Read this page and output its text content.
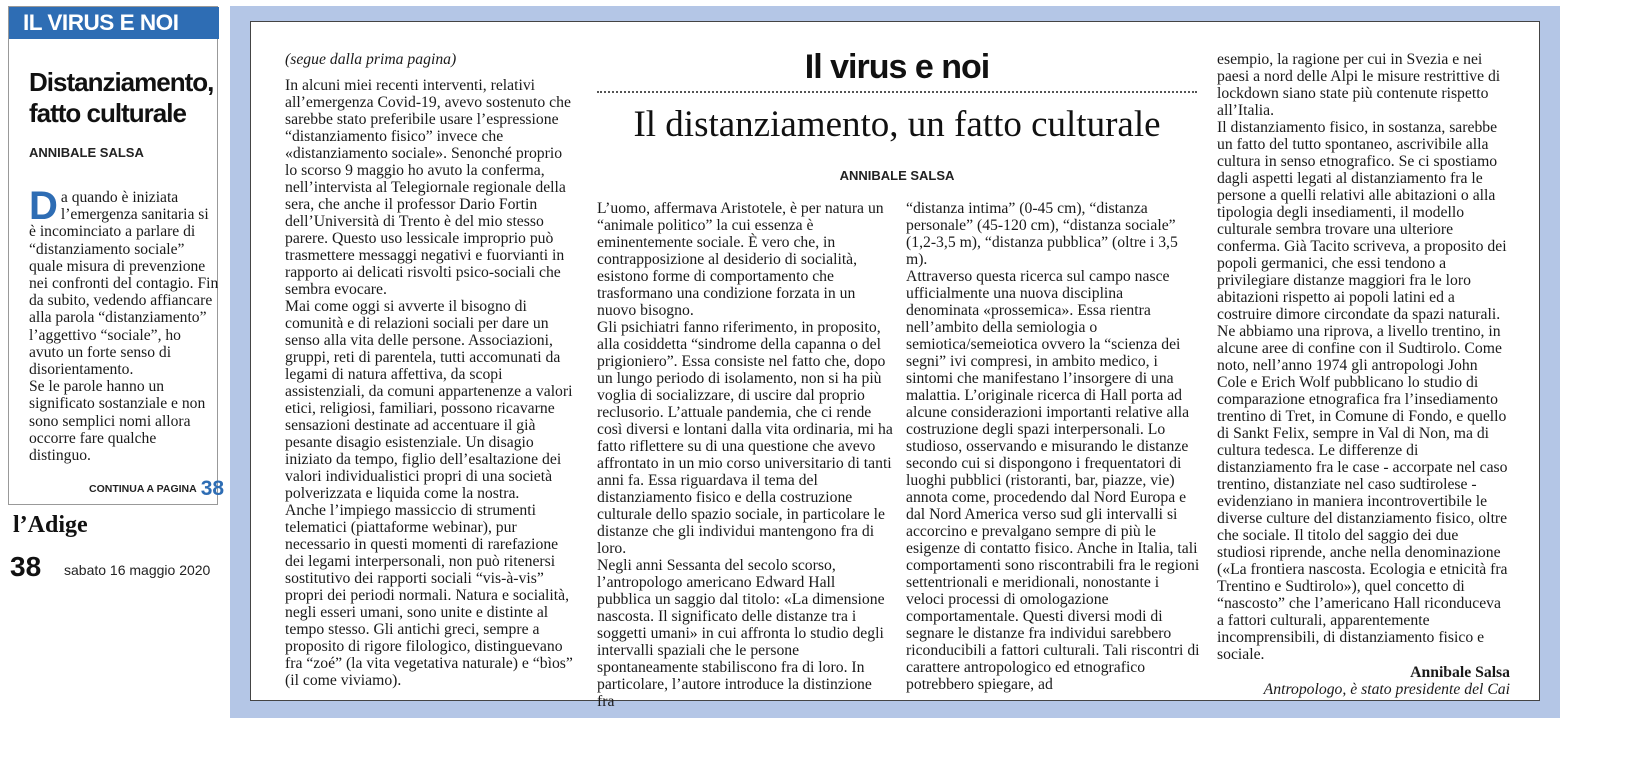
IL VIRUS E NOI
Distanziamento, fatto culturale
ANNIBALE SALSA

Da quando è iniziata l’emergenza sanitaria si è incominciato a parlare di “distanziamento sociale” quale misura di prevenzione nei confronti del contagio. Fin da subito, vedendo affiancare alla parola “distanziamento” l’aggettivo “sociale”, ho avuto un forte senso di disorientamento.

Se le parole hanno un significato sostanziale e non sono semplici nomi allora occorre fare qualche distinguo.

CONTINUA A PAGINA 38
l’Adige
38 sabato 16 maggio 2020

(segue dalla prima pagina)

In alcuni miei recenti interventi, relativi all’emergenza Covid-19, avevo sostenuto che sarebbe stato preferibile usare l’espressione “distanziamento fisico” invece che «distanziamento sociale». Senonché proprio lo scorso 9 maggio ho avuto la conferma, nell’intervista al Telegiornale regionale della sera, che anche il professor Dario Fortin dell’Università di Trento è del mio stesso parere. Questo uso lessicale improprio può trasmettere messaggi negativi e fuorvianti in rapporto ai delicati risvolti psico-sociali che sembra evocare.

Mai come oggi si avverte il bisogno di comunità e di relazioni sociali per dare un senso alla vita delle persone. Associazioni, gruppi, reti di parentela, tutti accomunati da legami di natura affettiva, da scopi assistenziali, da comuni appartenenze a valori etici, religiosi, familiari, possono ricavarne sensazioni destinate ad accentuare il già pesante disagio esistenziale. Un disagio iniziato da tempo, figlio dell’esaltazione dei valori individualistici propri di una società polverizzata e liquida come la nostra.

Anche l’impiego massiccio di strumenti telematici (piattaforme webinar), pur necessario in questi momenti di rarefazione dei legami interpersonali, non può ritenersi sostitutivo dei rapporti sociali “vis-à-vis” propri dei periodi normali. Natura e socialità, negli esseri umani, sono unite e distinte al tempo stesso. Gli antichi greci, sempre a proposito di rigore filologico, distinguevano fra “zoé” (la vita vegetativa naturale) e “bìos” (il come viviamo).

Il virus e noi
Il distanziamento, un fatto culturale
ANNIBALE SALSA

L’uomo, affermava Aristotele, è per natura un “animale politico” la cui essenza è eminentemente sociale. È vero che, in contrapposizione al desiderio di socialità, esistono forme di comportamento che trasformano una condizione forzata in un nuovo bisogno.

Gli psichiatri fanno riferimento, in proposito, alla cosiddetta “sindrome della capanna o del prigioniero”. Essa consiste nel fatto che, dopo un lungo periodo di isolamento, non si ha più voglia di socializzare, di uscire dal proprio reclusorio. L’attuale pandemia, che ci rende così diversi e lontani dalla vita ordinaria, mi ha fatto riflettere su di una questione che avevo affrontato in un mio corso universitario di tanti anni fa. Essa riguardava il tema del distanziamento fisico e della costruzione culturale dello spazio sociale, in particolare le distanze che gli individui mantengono fra di loro.

Negli anni Sessanta del secolo scorso, l’antropologo americano Edward Hall pubblica un saggio dal titolo: «La dimensione nascosta. Il significato delle distanze tra i soggetti umani» in cui affronta lo studio degli intervalli spaziali che le persone spontaneamente stabiliscono fra di loro. In particolare, l’autore introduce la distinzione fra

“distanza intima” (0-45 cm), “distanza personale” (45-120 cm), “distanza sociale” (1,2-3,5 m), “distanza pubblica” (oltre i 3,5 m).

Attraverso questa ricerca sul campo nasce ufficialmente una nuova disciplina denominata «prossemica». Essa rientra nell’ambito della semiologia o semiotica/semeiotica ovvero la “scienza dei segni” ivi compresi, in ambito medico, i sintomi che manifestano l’insorgere di una malattia. L’originale ricerca di Hall porta ad alcune considerazioni importanti relative alla costruzione degli spazi interpersonali. Lo studioso, osservando e misurando le distanze secondo cui si dispongono i frequentatori di luoghi pubblici (ristoranti, bar, piazze, vie) annota come, procedendo dal Nord Europa e dal Nord America verso sud gli intervalli si accorcino e prevalgano sempre di più le esigenze di contatto fisico. Anche in Italia, tali comportamenti sono riscontrabili fra le regioni settentrionali e meridionali, nonostante i veloci processi di omologazione comportamentale. Questi diversi modi di segnare le distanze fra individui sarebbero riconducibili a fattori culturali. Tali riscontri di carattere antropologico ed etnografico potrebbero spiegare, ad

esempio, la ragione per cui in Svezia e nei paesi a nord delle Alpi le misure restrittive di lockdown siano state più contenute rispetto all’Italia.

Il distanziamento fisico, in sostanza, sarebbe un fatto del tutto spontaneo, ascrivibile alla cultura in senso etnografico. Se ci spostiamo dagli aspetti legati al distanziamento fra le persone a quelli relativi alle abitazioni o alla tipologia degli insediamenti, il modello culturale sembra trovare una ulteriore conferma. Già Tacito scriveva, a proposito dei popoli germanici, che essi tendono a privilegiare distanze maggiori fra le loro abitazioni rispetto ai popoli latini ed a costruire dimore circondate da spazi naturali.

Ne abbiamo una riprova, a livello trentino, in alcune aree di confine con il Sudtirolo. Come noto, nell’anno 1974 gli antropologi John Cole e Erich Wolf pubblicano lo studio di comparazione etnografica fra l’insediamento trentino di Tret, in Comune di Fondo, e quello di Sankt Felix, sempre in Val di Non, ma di cultura tedesca. Le differenze di distanziamento fra le case - accorpate nel caso trentino, distanziate nel caso sudtirolese - evidenziano in maniera incontrovertibile le diverse culture del distanziamento fisico, oltre che sociale. Il titolo del saggio dei due studiosi riprende, anche nella denominazione («La frontiera nascosta. Ecologia e etnicità fra Trentino e Sudtirolo»), quel concetto di “nascosto” che l’americano Hall riconduceva a fattori culturali, apparentemente incomprensibili, di distanziamento fisico e sociale.

Annibale Salsa

Antropologo, è stato presidente del Cai
